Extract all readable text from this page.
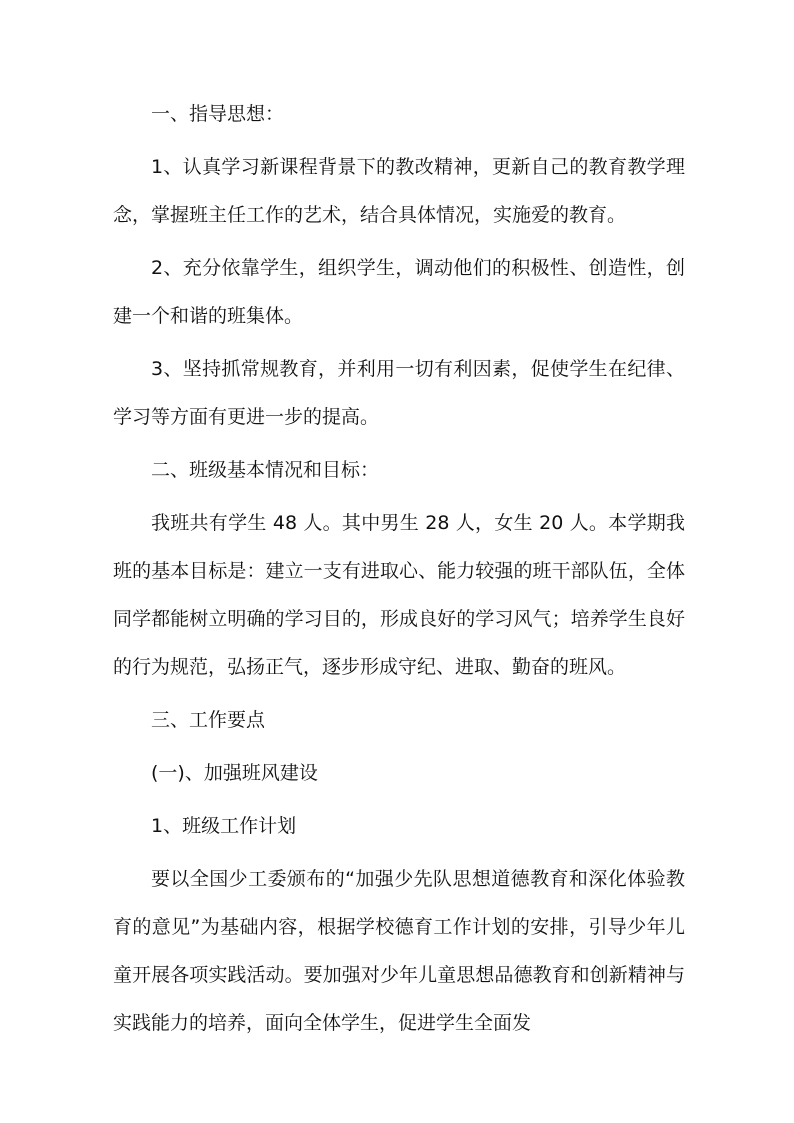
一、指导思想：

1、认真学习新课程背景下的教改精神，更新自己的教育教学理念，掌握班主任工作的艺术，结合具体情况，实施爱的教育。

2、充分依靠学生，组织学生，调动他们的积极性、创造性，创建一个和谐的班集体。

3、坚持抓常规教育，并利用一切有利因素，促使学生在纪律、学习等方面有更进一步的提高。

二、班级基本情况和目标：

我班共有学生 48 人。其中男生 28 人，女生 20 人。本学期我班的基本目标是：建立一支有进取心、能力较强的班干部队伍，全体同学都能树立明确的学习目的，形成良好的学习风气；培养学生良好的行为规范，弘扬正气，逐步形成守纪、进取、勤奋的班风。

三、工作要点

(一)、加强班风建设

1、班级工作计划

要以全国少工委颁布的“加强少先队思想道德教育和深化体验教育的意见”为基础内容，根据学校德育工作计划的安排，引导少年儿童开展各项实践活动。要加强对少年儿童思想品德教育和创新精神与实践能力的培养，面向全体学生，促进学生全面发
